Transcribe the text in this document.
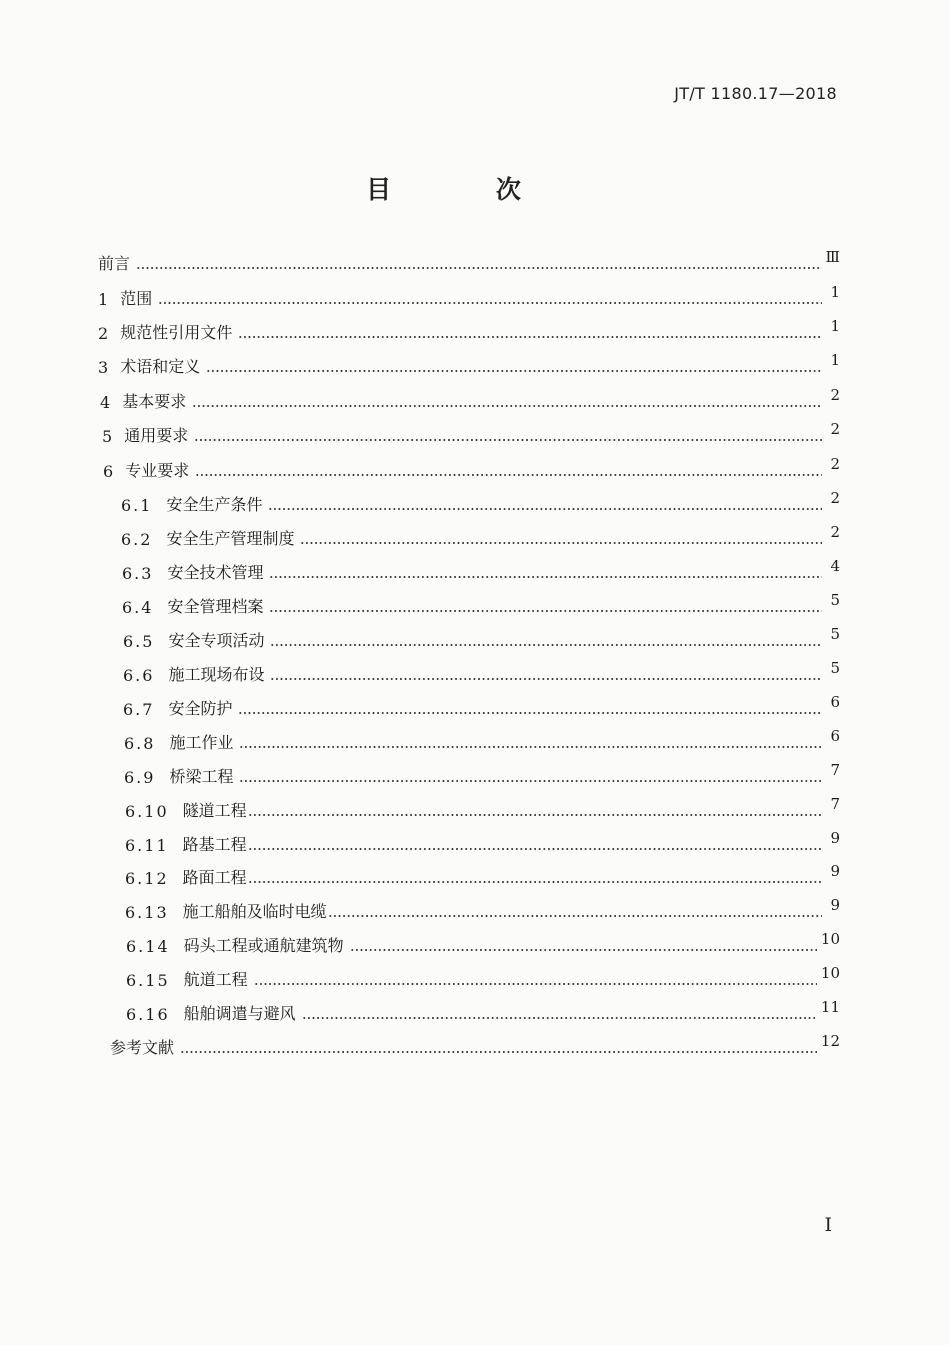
JT/T 1180.17—2018
目 次
前言	Ⅲ
1 范围	1
2 规范性引用文件	1
3 术语和定义	1
4 基本要求	2
5 通用要求	2
6 专业要求	2
6.1 安全生产条件	2
6.2 安全生产管理制度	2
6.3 安全技术管理	4
6.4 安全管理档案	5
6.5 安全专项活动	5
6.6 施工现场布设	5
6.7 安全防护	6
6.8 施工作业	6
6.9 桥梁工程	7
6.10 隧道工程	7
6.11 路基工程	9
6.12 路面工程	9
6.13 施工船舶及临时电缆	9
6.14 码头工程或通航建筑物	10
6.15 航道工程	10
6.16 船舶调遣与避风	11
参考文献	12
I
